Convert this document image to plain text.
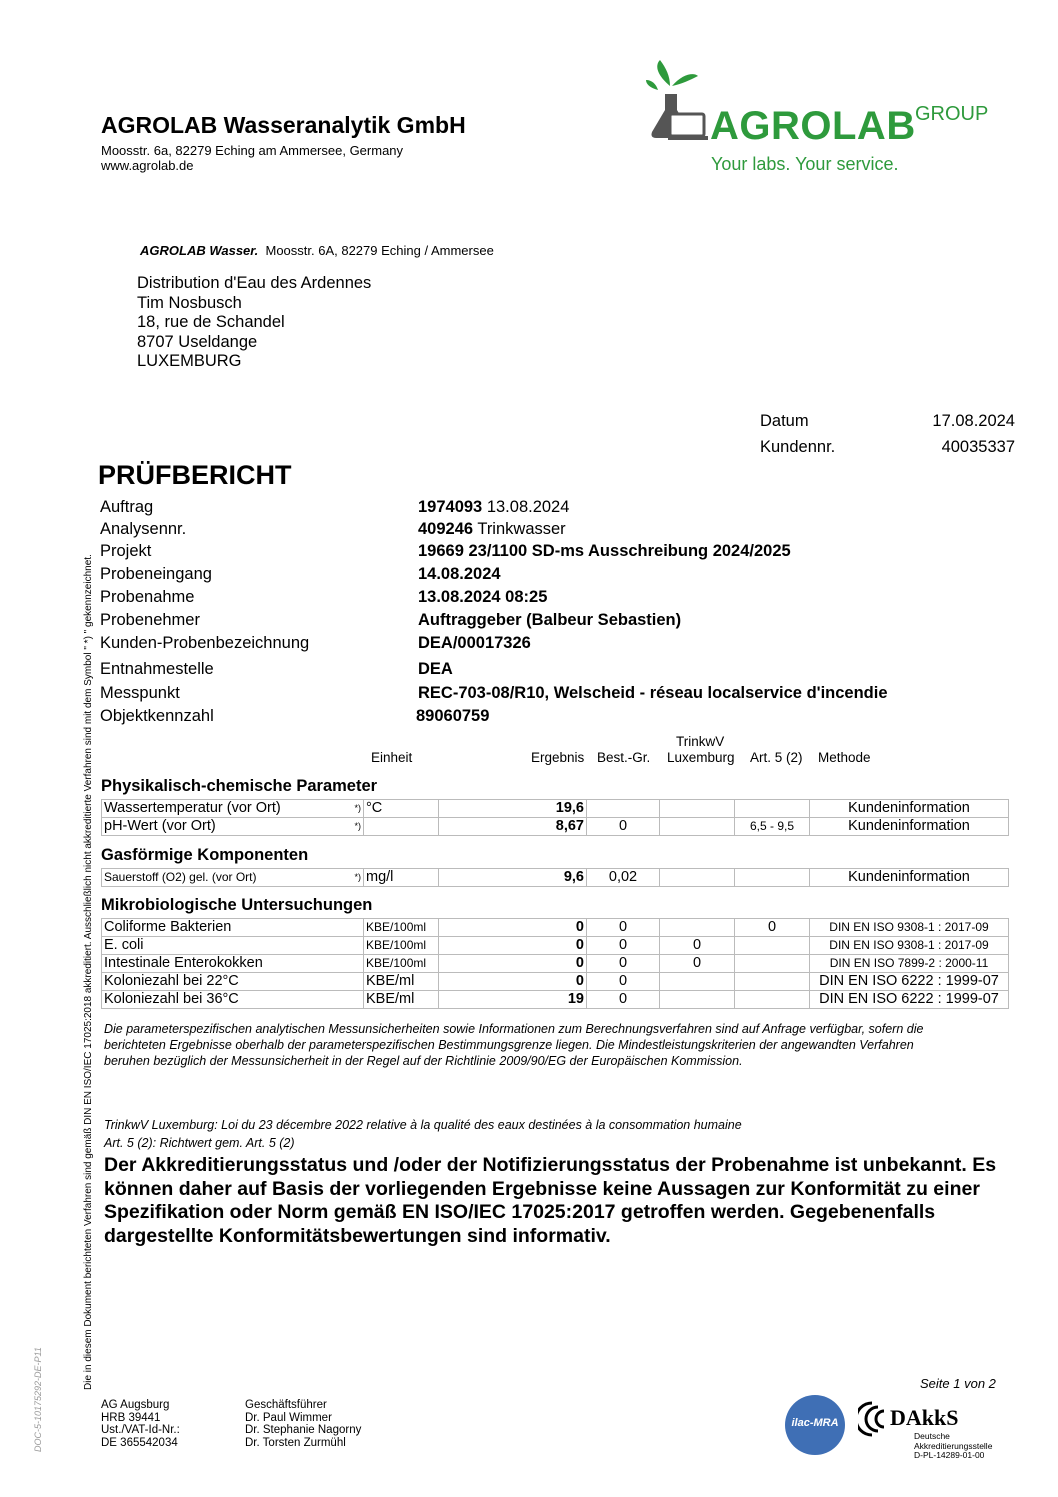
AGROLAB Wasseranalytik GmbH
Moosstr. 6a, 82279 Eching am Ammersee, Germany
www.agrolab.de
AGROLAB GROUP
Your labs. Your service.
AGROLAB Wasser. Moosstr. 6A, 82279 Eching / Ammersee
Distribution d'Eau des Ardennes
Tim Nosbusch
18, rue de Schandel
8707 Useldange
LUXEMBURG
Datum	17.08.2024
Kundennr.	40035337
PRÜFBERICHT
Die in diesem Dokument berichteten Verfahren sind gemäß DIN EN ISO/IEC 17025:2018 akkreditiert. Ausschließlich nicht akkreditierte Verfahren sind mit dem Symbol " *) " gekennzeichnet.
DOC-5-10175292-DE-P11
Auftrag	1974093 13.08.2024
Analysennr.	409246 Trinkwasser
Projekt	19669 23/1100 SD-ms Ausschreibung 2024/2025
Probeneingang	14.08.2024
Probenahme	13.08.2024 08:25
Probenehmer	Auftraggeber (Balbeur Sebastien)
Kunden-Probenbezeichnung	DEA/00017326
Entnahmestelle	DEA
Messpunkt	REC-703-08/R10, Welscheid - réseau localservice d'incendie
Objektkennzahl	89060759
Einheit	Ergebnis Best.-Gr.
TrinkwV
Luxemburg Art. 5 (2) Methode
Physikalisch-chemische Parameter
Wassertemperatur (vor Ort)	*)	°C	19,6				Kundeninformation
pH-Wert (vor Ort)	*)		8,67	0		6,5 - 9,5	Kundeninformation
Gasförmige Komponenten
Sauerstoff (O2) gel. (vor Ort)	*)	mg/l	9,6	0,02			Kundeninformation
Mikrobiologische Untersuchungen
Coliforme Bakterien		KBE/100ml	0	0		0	DIN EN ISO 9308-1 : 2017-09
E. coli		KBE/100ml	0	0	0		DIN EN ISO 9308-1 : 2017-09
Intestinale Enterokokken		KBE/100ml	0	0	0		DIN EN ISO 7899-2 : 2000-11
Koloniezahl bei 22°C		KBE/ml	0	0			DIN EN ISO 6222 : 1999-07
Koloniezahl bei 36°C		KBE/ml	19	0			DIN EN ISO 6222 : 1999-07
Die parameterspezifischen analytischen Messunsicherheiten sowie Informationen zum Berechnungsverfahren sind auf Anfrage verfügbar, sofern die berichteten Ergebnisse oberhalb der parameterspezifischen Bestimmungsgrenze liegen. Die Mindestleistungskriterien der angewandten Verfahren beruhen bezüglich der Messunsicherheit in der Regel auf der Richtlinie 2009/90/EG der Europäischen Kommission.
TrinkwV Luxemburg: Loi du 23 décembre 2022 relative à la qualité des eaux destinées à la consommation humaine
Art. 5 (2): Richtwert gem. Art. 5 (2)
Der Akkreditierungsstatus und /oder der Notifizierungsstatus der Probenahme ist unbekannt. Es können daher auf Basis der vorliegenden Ergebnisse keine Aussagen zur Konformität zu einer Spezifikation oder Norm gemäß EN ISO/IEC 17025:2017 getroffen werden. Gegebenenfalls dargestellte Konformitätsbewertungen sind informativ.
Seite 1 von 2
AG Augsburg
HRB 39441
Ust./VAT-Id-Nr.:
DE 365542034
Geschäftsführer
Dr. Paul Wimmer
Dr. Stephanie Nagorny
Dr. Torsten Zurmühl
ilac-MRA DAkkS
Deutsche
Akkreditierungsstelle
D-PL-14289-01-00
